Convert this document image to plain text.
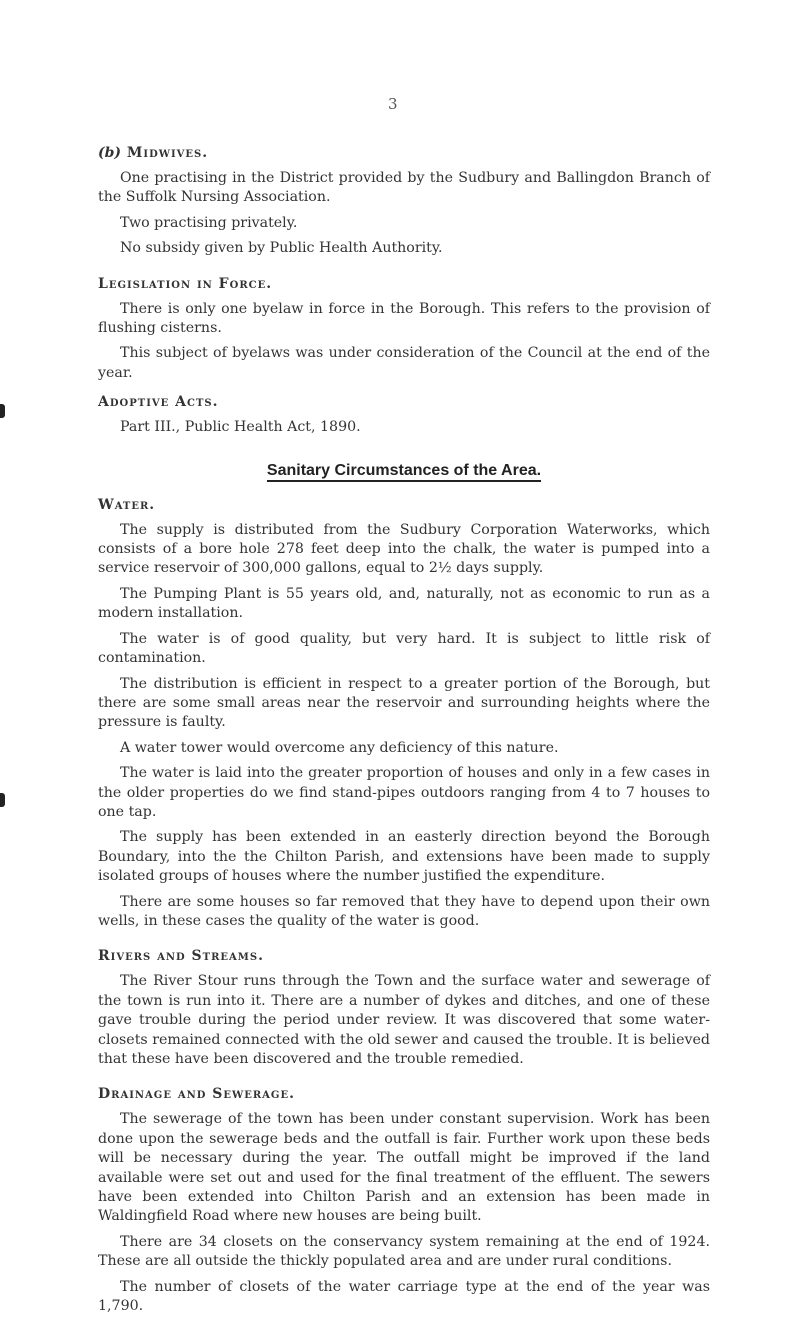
3
(b) Midwives.

One practising in the District provided by the Sudbury and Ballingdon Branch of the Suffolk Nursing Association.

Two practising privately.

No subsidy given by Public Health Authority.

Legislation in Force.

There is only one byelaw in force in the Borough. This refers to the provision of flushing cisterns.

This subject of byelaws was under consideration of the Council at the end of the year.

Adoptive Acts.

Part III., Public Health Act, 1890.

Sanitary Circumstances of the Area.
Water.

The supply is distributed from the Sudbury Corporation Waterworks, which consists of a bore hole 278 feet deep into the chalk, the water is pumped into a service reservoir of 300,000 gallons, equal to 2½ days supply.

The Pumping Plant is 55 years old, and, naturally, not as economic to run as a modern installation.

The water is of good quality, but very hard. It is subject to little risk of contamination.

The distribution is efficient in respect to a greater portion of the Borough, but there are some small areas near the reservoir and surrounding heights where the pressure is faulty.

A water tower would overcome any deficiency of this nature.

The water is laid into the greater proportion of houses and only in a few cases in the older properties do we find stand-pipes outdoors ranging from 4 to 7 houses to one tap.

The supply has been extended in an easterly direction beyond the Borough Boundary, into the the Chilton Parish, and extensions have been made to supply isolated groups of houses where the number justified the expenditure.

There are some houses so far removed that they have to depend upon their own wells, in these cases the quality of the water is good.

Rivers and Streams.

The River Stour runs through the Town and the surface water and sewerage of the town is run into it. There are a number of dykes and ditches, and one of these gave trouble during the period under review. It was discovered that some water-closets remained connected with the old sewer and caused the trouble. It is believed that these have been discovered and the trouble remedied.

Drainage and Sewerage.

The sewerage of the town has been under constant supervision. Work has been done upon the sewerage beds and the outfall is fair. Further work upon these beds will be necessary during the year. The outfall might be improved if the land available were set out and used for the final treatment of the effluent. The sewers have been extended into Chilton Parish and an extension has been made in Waldingfield Road where new houses are being built.

There are 34 closets on the conservancy system remaining at the end of 1924. These are all outside the thickly populated area and are under rural conditions.

The number of closets of the water carriage type at the end of the year was 1,790.
